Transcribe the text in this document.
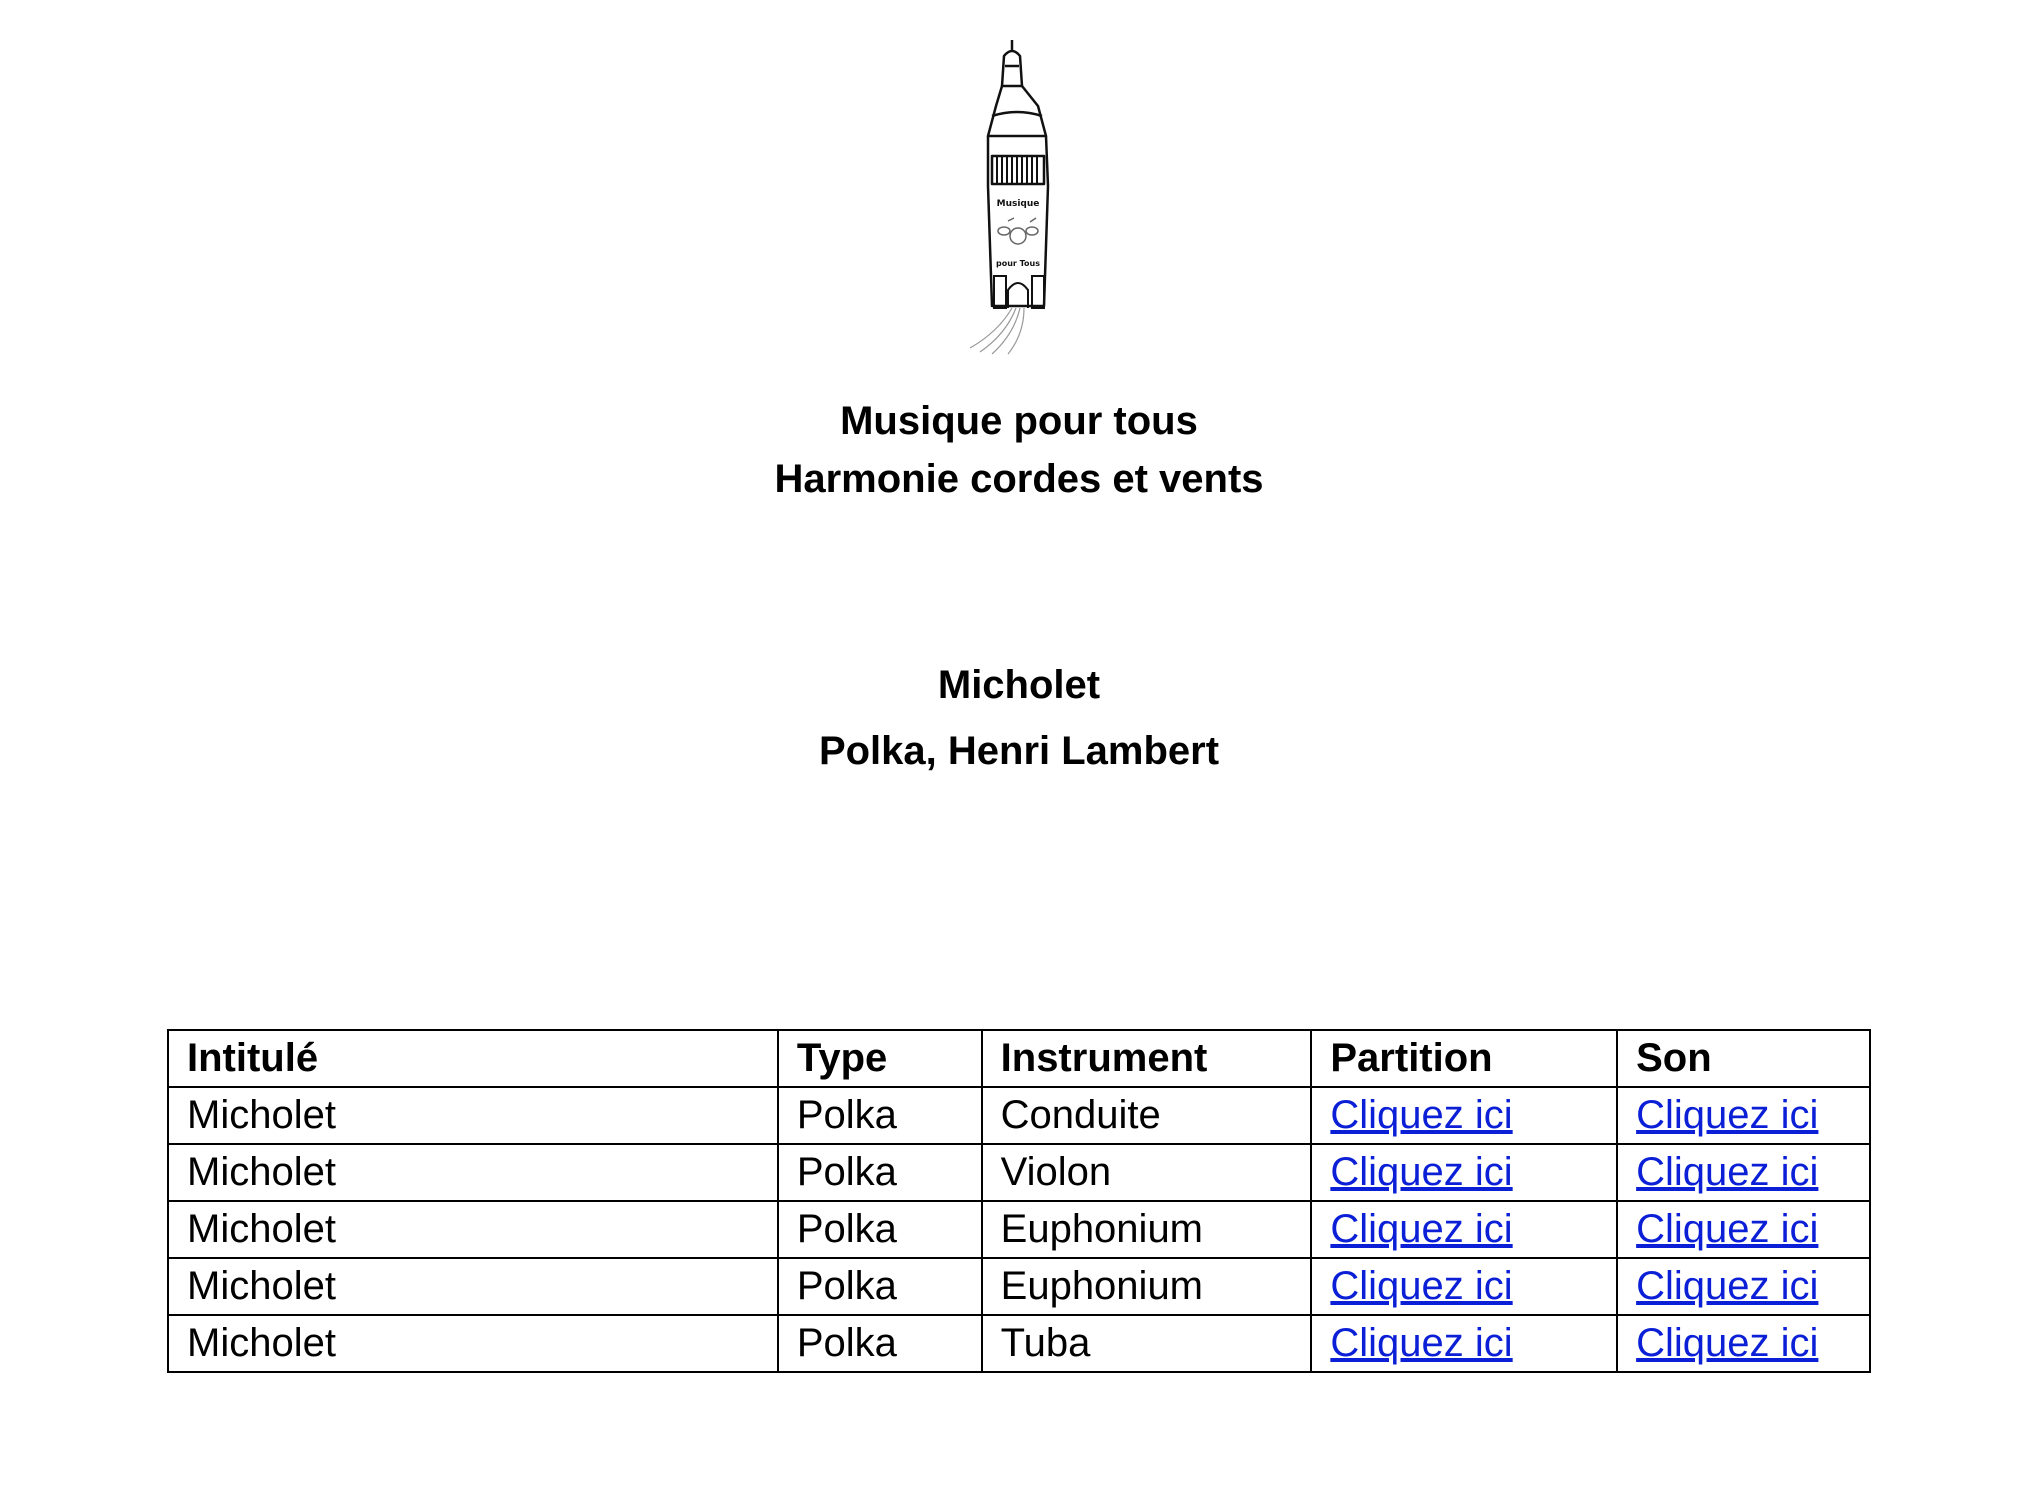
Musique
pour Tous
Musique pour tous
Harmonie cordes et vents
Micholet
Polka, Henri Lambert
Intitulé	Type	Instrument	Partition	Son
Micholet	Polka	Conduite	Cliquez ici	Cliquez ici
Micholet	Polka	Violon	Cliquez ici	Cliquez ici
Micholet	Polka	Euphonium	Cliquez ici	Cliquez ici
Micholet	Polka	Euphonium	Cliquez ici	Cliquez ici
Micholet	Polka	Tuba	Cliquez ici	Cliquez ici
